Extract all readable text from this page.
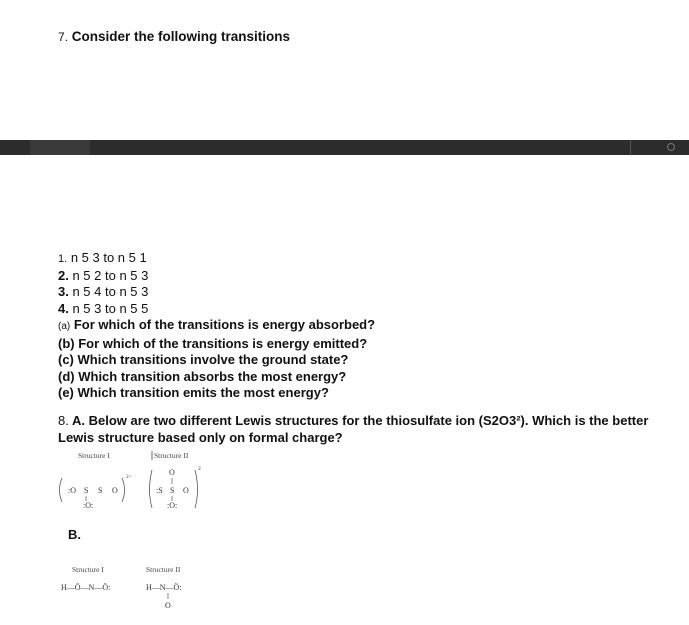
7. Consider the following transitions
1. n 5 3 to n 5 1
2. n 5 2 to n 5 3
3. n 5 4 to n 5 3
4. n 5 3 to n 5 5
(a) For which of the transitions is energy absorbed?
(b) For which of the transitions is energy emitted?
(c) Which transitions involve the ground state?
(d) Which transition absorbs the most energy?
(e) Which transition emits the most energy?
8. A. Below are two different Lewis structures for the thiosulfate ion (S2O3²). Which is the better Lewis structure based only on formal charge?
Structure I	Structure II
:O S S O
:O:
2−	O
:S S O
:O:
2
B.
Structure I	Structure II
H—Ö—N—Ö:	H—N—Ö:
O
